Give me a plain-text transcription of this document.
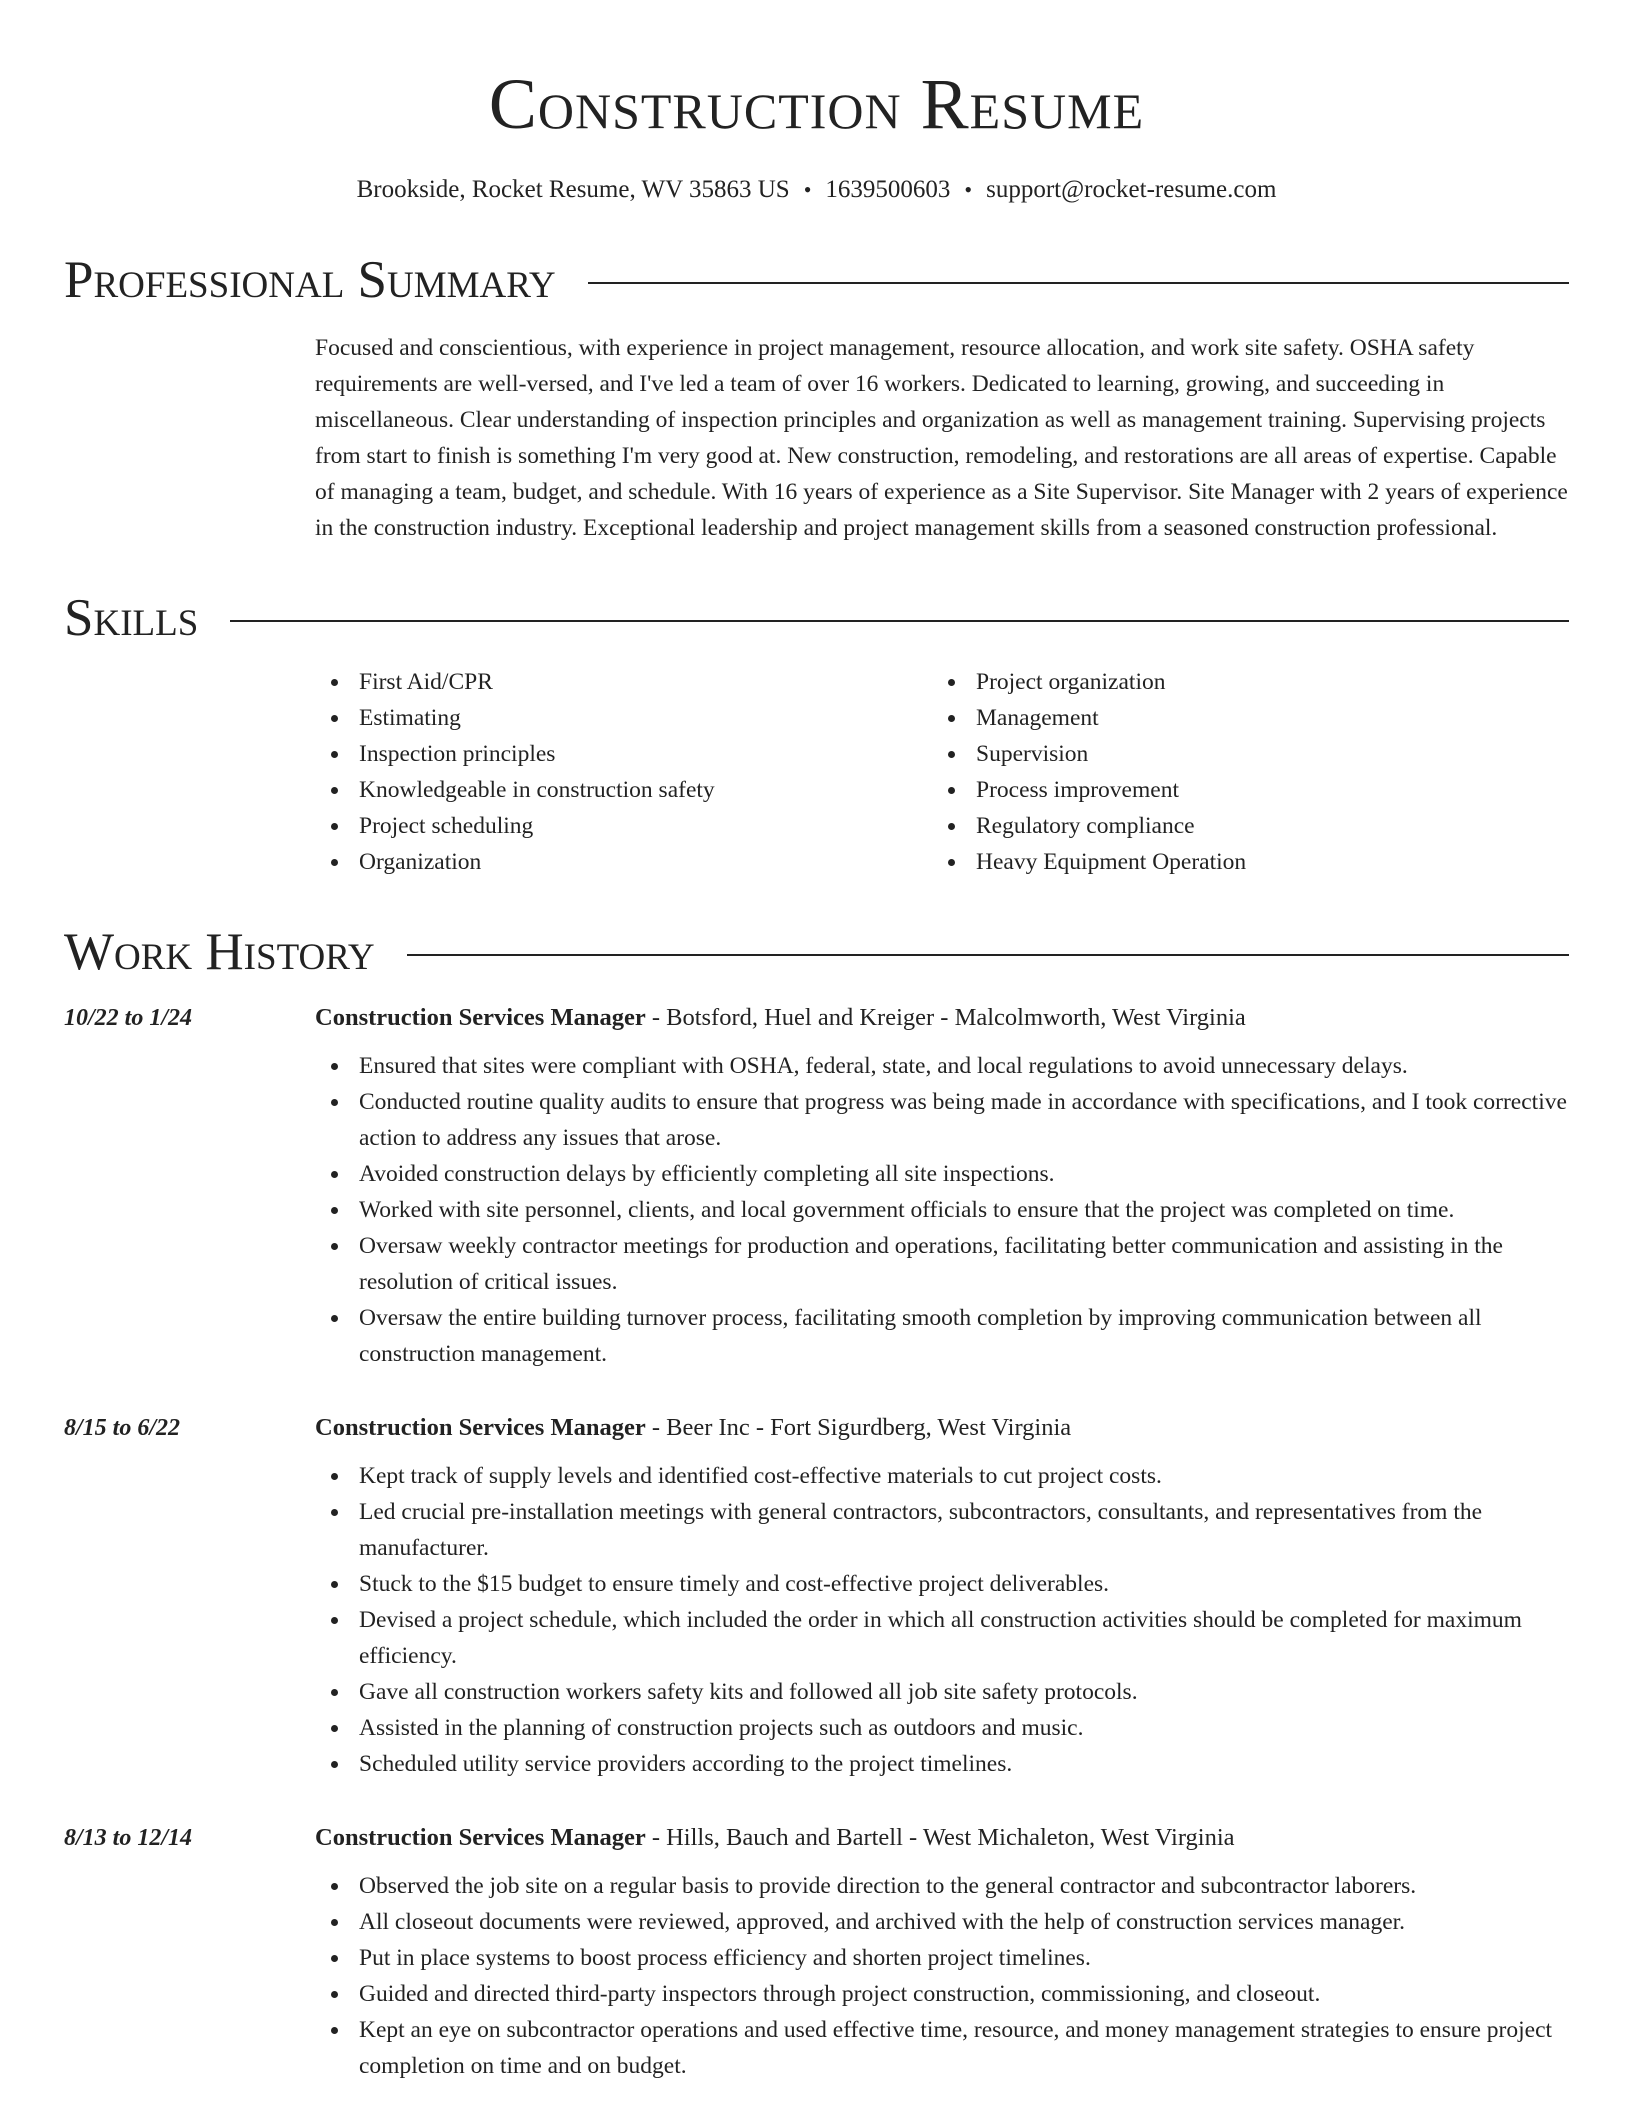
Construction Resume
Brookside, Rocket Resume, WV 35863 US • 1639500603 • support@rocket-resume.com
Professional Summary

Focused and conscientious, with experience in project management, resource allocation, and work site safety. OSHA safety requirements are well-versed, and I've led a team of over 16 workers. Dedicated to learning, growing, and succeeding in miscellaneous. Clear understanding of inspection principles and organization as well as management training. Supervising projects from start to finish is something I'm very good at. New construction, remodeling, and restorations are all areas of expertise. Capable of managing a team, budget, and schedule. With 16 years of experience as a Site Supervisor. Site Manager with 2 years of experience in the construction industry. Exceptional leadership and project management skills from a seasoned construction professional.

Skills
First Aid/CPR
Estimating
Inspection principles
Knowledgeable in construction safety
Project scheduling
Organization
Project organization
Management
Supervision
Process improvement
Regulatory compliance
Heavy Equipment Operation
Work History
10/22 to 1/24	Construction Services Manager - Botsford, Huel and Kreiger - Malcolmworth, West Virginia
Ensured that sites were compliant with OSHA, federal, state, and local regulations to avoid unnecessary delays.
Conducted routine quality audits to ensure that progress was being made in accordance with specifications, and I took corrective action to address any issues that arose.
Avoided construction delays by efficiently completing all site inspections.
Worked with site personnel, clients, and local government officials to ensure that the project was completed on time.
Oversaw weekly contractor meetings for production and operations, facilitating better communication and assisting in the resolution of critical issues.
Oversaw the entire building turnover process, facilitating smooth completion by improving communication between all construction management.
8/15 to 6/22	Construction Services Manager - Beer Inc - Fort Sigurdberg, West Virginia
Kept track of supply levels and identified cost-effective materials to cut project costs.
Led crucial pre-installation meetings with general contractors, subcontractors, consultants, and representatives from the manufacturer.
Stuck to the $15 budget to ensure timely and cost-effective project deliverables.
Devised a project schedule, which included the order in which all construction activities should be completed for maximum efficiency.
Gave all construction workers safety kits and followed all job site safety protocols.
Assisted in the planning of construction projects such as outdoors and music.
Scheduled utility service providers according to the project timelines.
8/13 to 12/14	Construction Services Manager - Hills, Bauch and Bartell - West Michaleton, West Virginia
Observed the job site on a regular basis to provide direction to the general contractor and subcontractor laborers.
All closeout documents were reviewed, approved, and archived with the help of construction services manager.
Put in place systems to boost process efficiency and shorten project timelines.
Guided and directed third-party inspectors through project construction, commissioning, and closeout.
Kept an eye on subcontractor operations and used effective time, resource, and money management strategies to ensure project completion on time and on budget.
